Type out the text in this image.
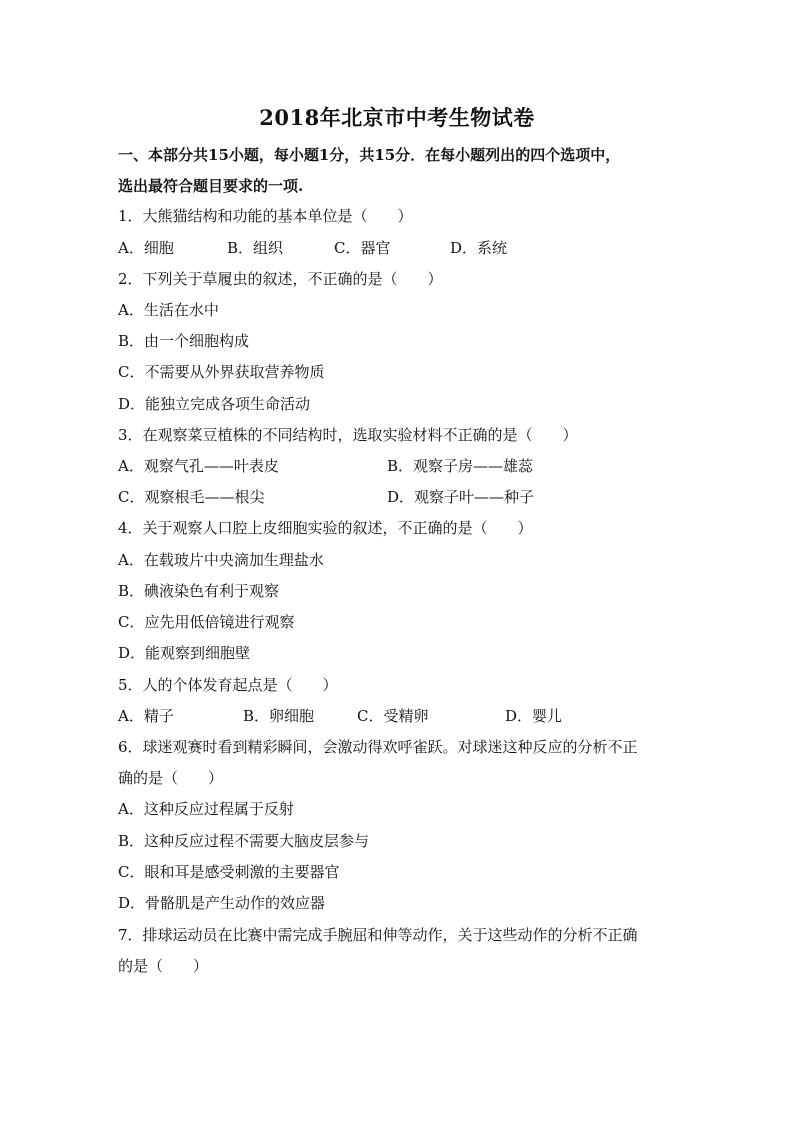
2018年北京市中考生物试卷
一、本部分共15小题，每小题1分，共15分．在每小题列出的四个选项中，
选出最符合题目要求的一项.
1．大熊猫结构和功能的基本单位是（　　）
A．细胞	B．组织	C．器官	D．系统
2．下列关于草履虫的叙述，不正确的是（　　）
A．生活在水中
B．由一个细胞构成
C．不需要从外界获取营养物质
D．能独立完成各项生命活动
3．在观察菜豆植株的不同结构时，选取实验材料不正确的是（　　）
A．观察气孔——叶表皮	B．观察子房——雄蕊
C．观察根毛——根尖	D．观察子叶——种子
4．关于观察人口腔上皮细胞实验的叙述，不正确的是（　　）
A．在载玻片中央滴加生理盐水
B．碘液染色有利于观察
C．应先用低倍镜进行观察
D．能观察到细胞壁
5．人的个体发育起点是（　　）
A．精子	B．卵细胞	C．受精卵	D．婴儿
6．球迷观赛时看到精彩瞬间，会激动得欢呼雀跃。对球迷这种反应的分析不正
确的是（　　）
A．这种反应过程属于反射
B．这种反应过程不需要大脑皮层参与
C．眼和耳是感受刺激的主要器官
D．骨骼肌是产生动作的效应器
7．排球运动员在比赛中需完成手腕屈和伸等动作，关于这些动作的分析不正确
的是（　　）
